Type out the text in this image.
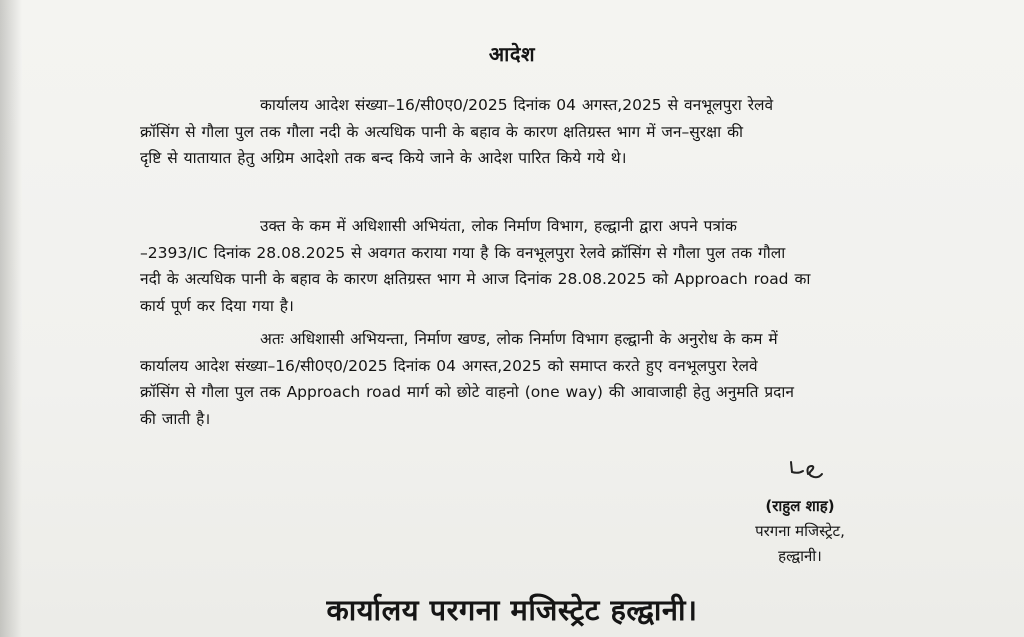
आदेश

कार्यालय आदेश संख्या–16/सी0ए0/2025 दिनांक 04 अगस्त,2025 से वनभूलपुरा रेलवे
क्रॉसिंग से गौला पुल तक गौला नदी के अत्यधिक पानी के बहाव के कारण क्षतिग्रस्त भाग में जन–सुरक्षा की
दृष्टि से यातायात हेतु अग्रिम आदेशो तक बन्द किये जाने के आदेश पारित किये गये थे।

उक्त के कम में अधिशासी अभियंता, लोक निर्माण विभाग, हल्द्वानी द्वारा अपने पत्रांक
–2393/IC दिनांक 28.08.2025 से अवगत कराया गया है कि वनभूलपुरा रेलवे क्रॉसिंग से गौला पुल तक गौला
नदी के अत्यधिक पानी के बहाव के कारण क्षतिग्रस्त भाग मे आज दिनांक 28.08.2025 को Approach road का
कार्य पूर्ण कर दिया गया है।

अतः अधिशासी अभियन्ता, निर्माण खण्ड, लोक निर्माण विभाग हल्द्वानी के अनुरोध के कम में
कार्यालय आदेश संख्या–16/सी0ए0/2025 दिनांक 04 अगस्त,2025 को समाप्त करते हुए वनभूलपुरा रेलवे
क्रॉसिंग से गौला पुल तक Approach road मार्ग को छोटे वाहनो (one way) की आवाजाही हेतु अनुमति प्रदान
की जाती है।

(राहुल शाह)
परगना मजिस्ट्रेट,
हल्द्वानी।
कार्यालय परगना मजिस्ट्रेट हल्द्वानी।
